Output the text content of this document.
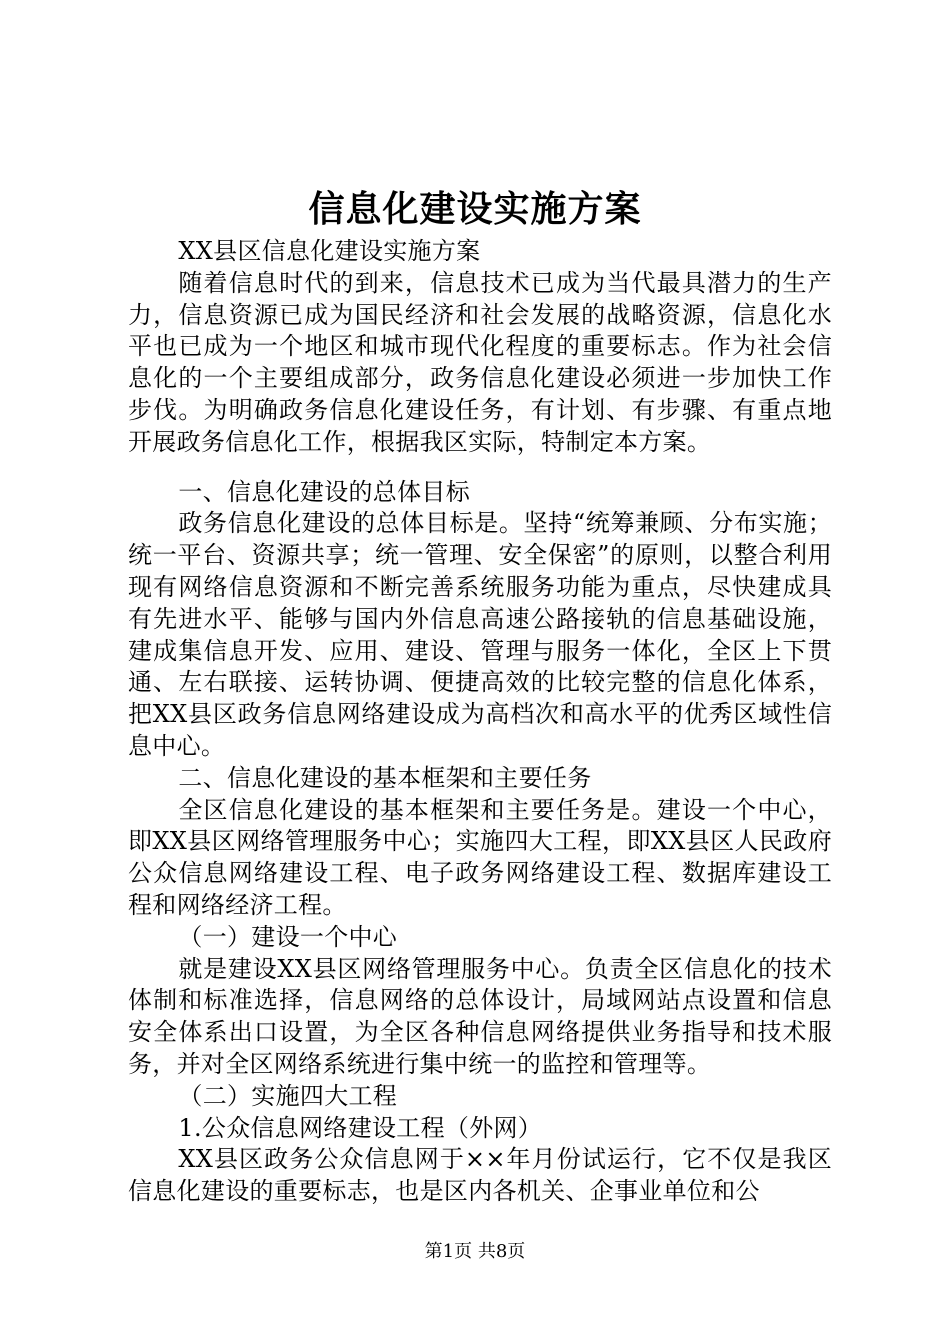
信息化建设实施方案

XX县区信息化建设实施方案

随着信息时代的到来，信息技术已成为当代最具潜力的生产力，信息资源已成为国民经济和社会发展的战略资源，信息化水平也已成为一个地区和城市现代化程度的重要标志。作为社会信息化的一个主要组成部分，政务信息化建设必须进一步加快工作步伐。为明确政务信息化建设任务，有计划、有步骤、有重点地开展政务信息化工作，根据我区实际，特制定本方案。

一、信息化建设的总体目标

政务信息化建设的总体目标是。坚持“统筹兼顾、分布实施；统一平台、资源共享；统一管理、安全保密”的原则，以整合利用现有网络信息资源和不断完善系统服务功能为重点，尽快建成具有先进水平、能够与国内外信息高速公路接轨的信息基础设施，建成集信息开发、应用、建设、管理与服务一体化，全区上下贯通、左右联接、运转协调、便捷高效的比较完整的信息化体系，把XX县区政务信息网络建设成为高档次和高水平的优秀区域性信息中心。

二、信息化建设的基本框架和主要任务

全区信息化建设的基本框架和主要任务是。建设一个中心，即XX县区网络管理服务中心；实施四大工程，即XX县区人民政府公众信息网络建设工程、电子政务网络建设工程、数据库建设工程和网络经济工程。

（一）建设一个中心

就是建设XX县区网络管理服务中心。负责全区信息化的技术体制和标准选择，信息网络的总体设计，局域网站点设置和信息安全体系出口设置，为全区各种信息网络提供业务指导和技术服务，并对全区网络系统进行集中统一的监控和管理等。

（二）实施四大工程

1.公众信息网络建设工程（外网）

XX县区政务公众信息网于××年月份试运行，它不仅是我区信息化建设的重要标志，也是区内各机关、企事业单位和公

第1页 共8页
